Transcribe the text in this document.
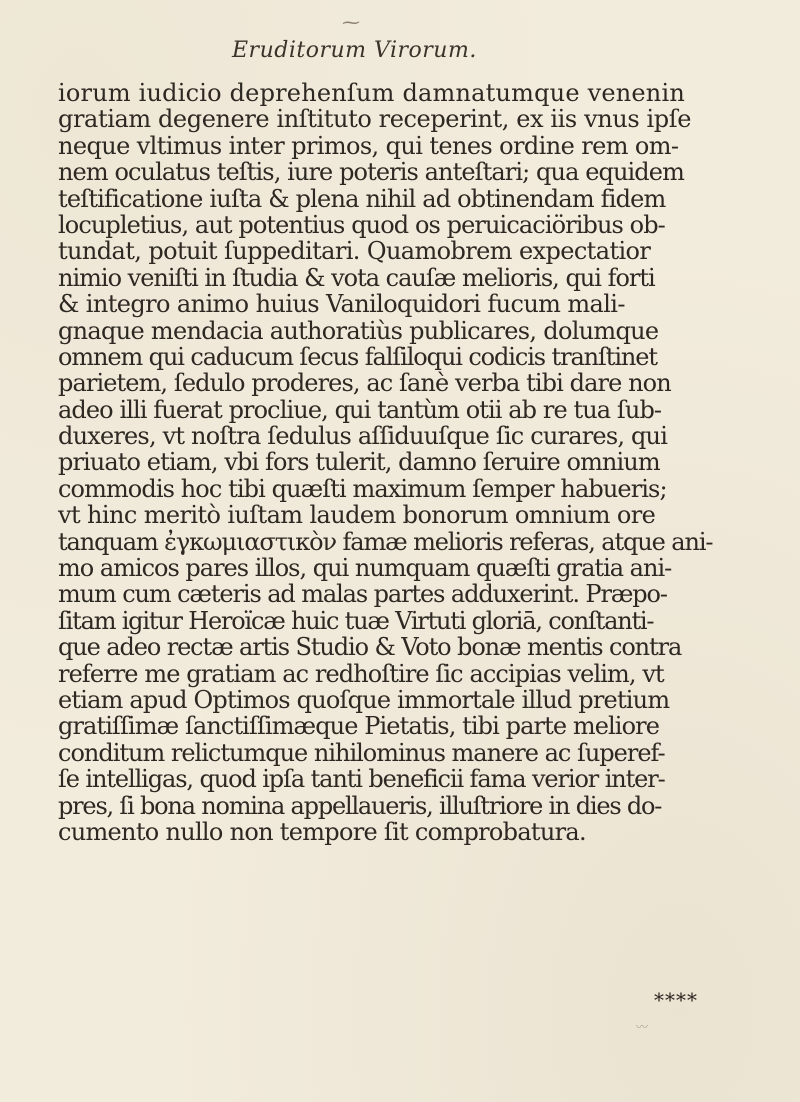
⁓
Eruditorum Virorum.
iorum iudicio deprehenſum damnatumque venenin
gratiam degenere inſtituto receperint, ex iis vnus ipſe
neque vltimus inter primos, qui tenes ordine rem om-
nem oculatus teſtis, iure poteris anteſtari; qua equidem
teſtificatione iuſta & plena nihil ad obtinendam fidem
locupletius, aut potentius quod os peruicaciöribus ob-
tundat, potuit ſuppeditari. Quamobrem expectatior
nimio veniſti in ſtudia & vota cauſæ melioris, qui forti
& integro animo huius Vaniloquidori fucum mali-
gnaque mendacia authoratiùs publicares, dolumque
omnem qui caducum ſecus falſiloqui codicis tranſtinet
parietem, ſedulo proderes, ac ſanè verba tibi dare non
adeo illi fuerat procliue, qui tantùm otii ab re tua ſub-
duxeres, vt noſtra ſedulus aſſiduuſque ſic curares, qui
priuato etiam, vbi fors tulerit, damno ſeruire omnium
commodis hoc tibi quæſti maximum ſemper habueris;
vt hinc meritò iuſtam laudem bonorum omnium ore
tanquam ἐγκωμιαστικὸν famæ melioris referas, atque ani-
mo amicos pares illos, qui numquam quæſti gratia ani-
mum cum cæteris ad malas partes adduxerint. Præpo-
ſitam igitur Heroïcæ huic tuæ Virtuti gloriā, conſtanti-
que adeo rectæ artis Studio & Voto bonæ mentis contra
referre me gratiam ac redhoſtire ſic accipias velim, vt
etiam apud Optimos quoſque immortale illud pretium
gratiſſimæ ſanctiſſimæque Pietatis, tibi parte meliore
conditum relictumque nihilominus manere ac ſuperef-
ſe intelligas, quod ipſa tanti beneficii fama verior inter-
pres, ſi bona nomina appellaueris, illuſtriore in dies do-
cumento nullo non tempore ſit comprobatura.
****
〰
